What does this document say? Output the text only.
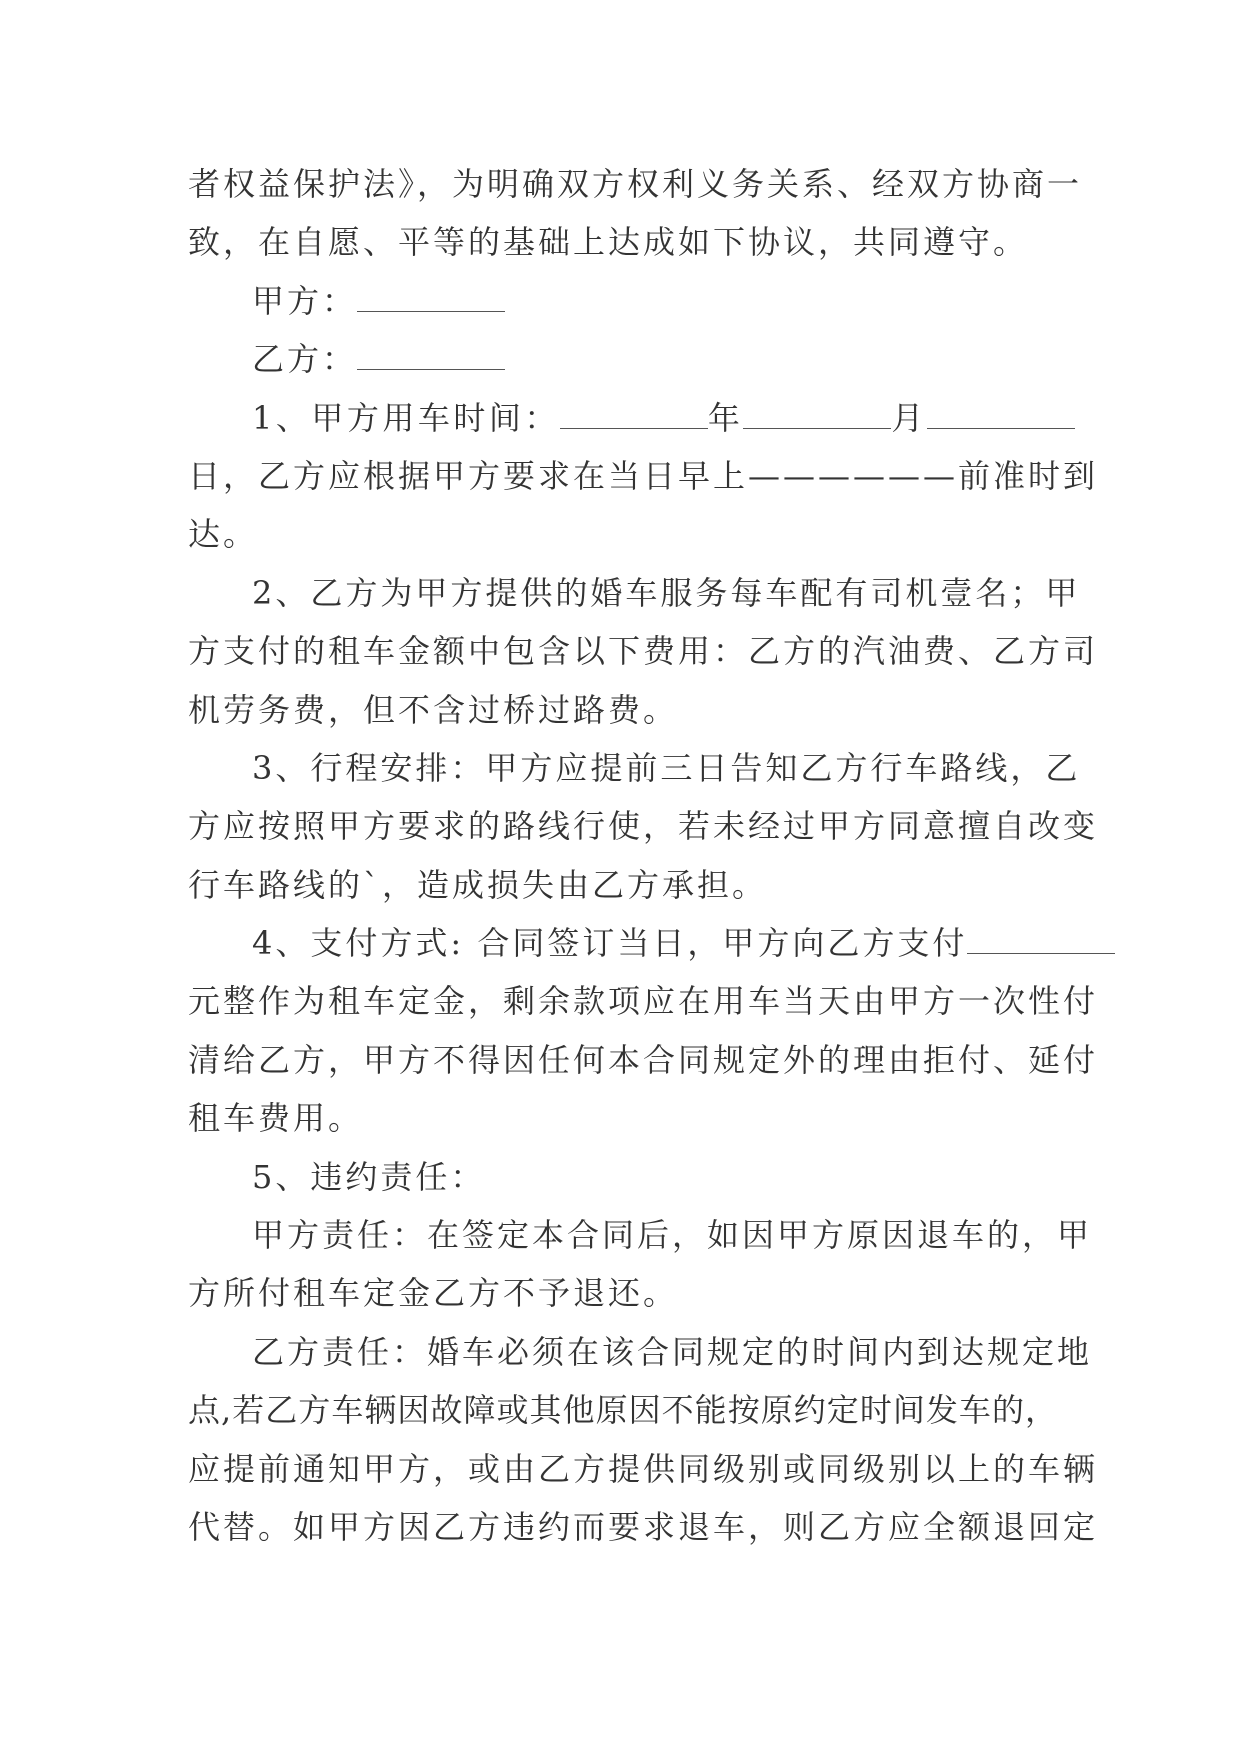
者权益保护法》，为明确双方权利义务关系、经双方协商一
致，在自愿、平等的基础上达成如下协议，共同遵守。
甲方：
乙方：
1、甲方用车时间：	年	月
日，乙方应根据甲方要求在当日早上——————前准时到
达。
2、乙方为甲方提供的婚车服务每车配有司机壹名；甲
方支付的租车金额中包含以下费用：乙方的汽油费、乙方司
机劳务费，但不含过桥过路费。
3、行程安排：甲方应提前三日告知乙方行车路线，乙
方应按照甲方要求的路线行使，若未经过甲方同意擅自改变
行车路线的`，造成损失由乙方承担。
4、支付方式: 合同签订当日，甲方向乙方支付
元整作为租车定金，剩余款项应在用车当天由甲方一次性付
清给乙方，甲方不得因任何本合同规定外的理由拒付、延付
租车费用。
5、违约责任：
甲方责任：在签定本合同后，如因甲方原因退车的，甲
方所付租车定金乙方不予退还。
乙方责任：婚车必须在该合同规定的时间内到达规定地
点,若乙方车辆因故障或其他原因不能按原约定时间发车的，
应提前通知甲方，或由乙方提供同级别或同级别以上的车辆
代替。如甲方因乙方违约而要求退车，则乙方应全额退回定
